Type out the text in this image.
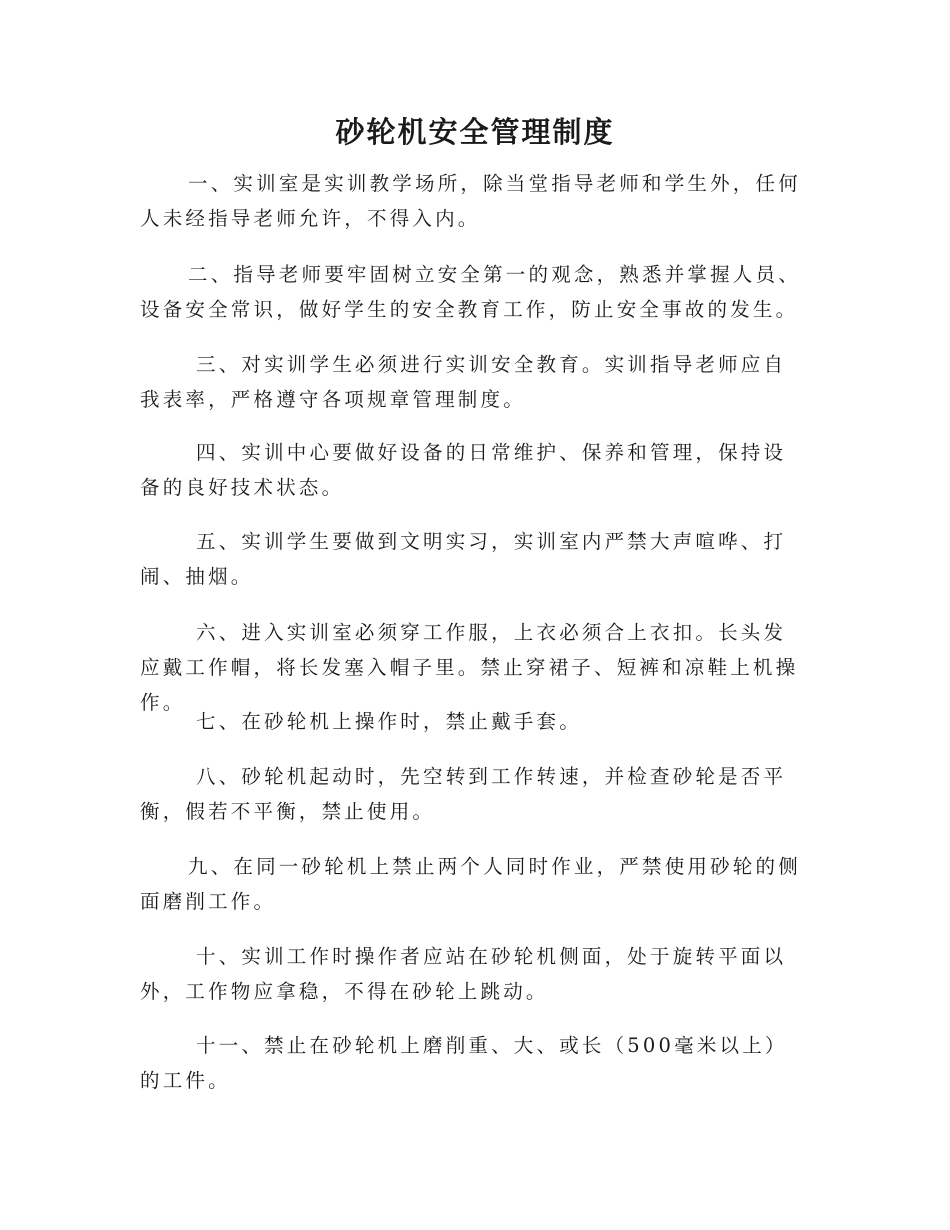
砂轮机安全管理制度

一、实训室是实训教学场所，除当堂指导老师和学生外，任何人未经指导老师允许，不得入内。

二、指导老师要牢固树立安全第一的观念，熟悉并掌握人员、设备安全常识，做好学生的安全教育工作，防止安全事故的发生。

三、对实训学生必须进行实训安全教育。实训指导老师应自我表率，严格遵守各项规章管理制度。

四、实训中心要做好设备的日常维护、保养和管理，保持设备的良好技术状态。

五、实训学生要做到文明实习，实训室内严禁大声喧哗、打闹、抽烟。

六、进入实训室必须穿工作服，上衣必须合上衣扣。长头发应戴工作帽，将长发塞入帽子里。禁止穿裙子、短裤和凉鞋上机操作。

七、在砂轮机上操作时，禁止戴手套。

八、砂轮机起动时，先空转到工作转速，并检查砂轮是否平衡，假若不平衡，禁止使用。

九、在同一砂轮机上禁止两个人同时作业，严禁使用砂轮的侧面磨削工作。

十、实训工作时操作者应站在砂轮机侧面，处于旋转平面以外，工作物应拿稳，不得在砂轮上跳动。

十一、禁止在砂轮机上磨削重、大、或长（500毫米以上）的工件。
